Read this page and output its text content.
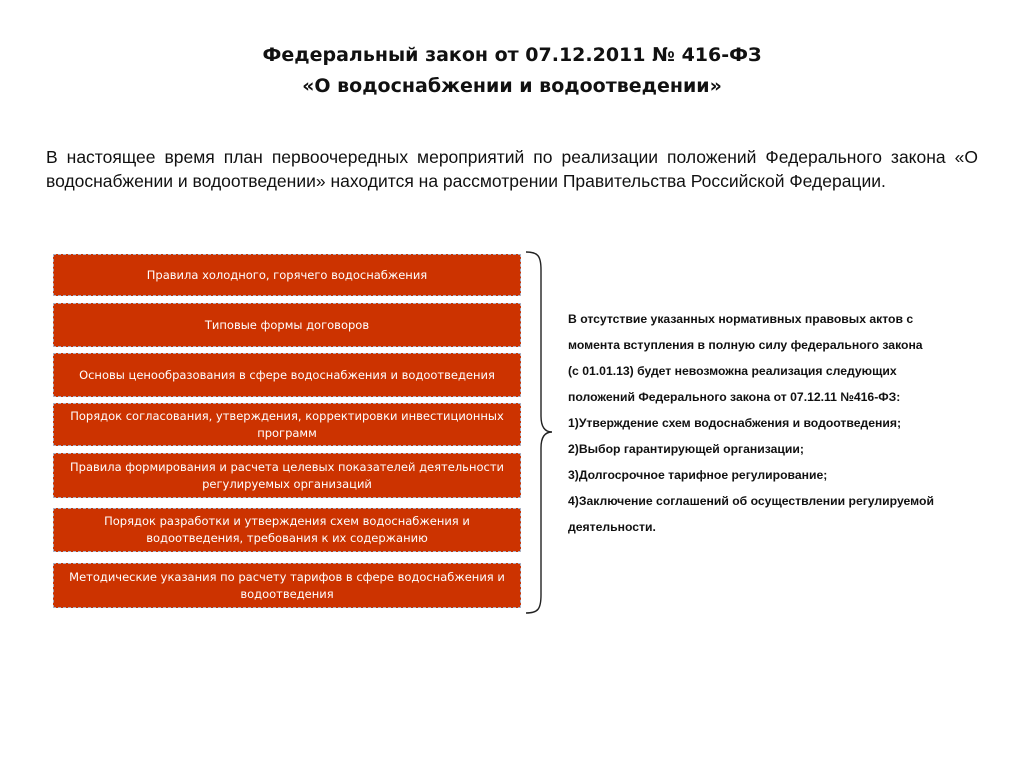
Федеральный закон от 07.12.2011 № 416-ФЗ
«О водоснабжении и водоотведении»
В настоящее время план первоочередных мероприятий по реализации положений Федерального закона «О водоснабжении и водоотведении» находится на рассмотрении Правительства Российской Федерации.
Правила холодного, горячего водоснабжения
Типовые формы договоров
Основы ценообразования в сфере водоснабжения и водоотведения
Порядок согласования, утверждения, корректировки инвестиционных программ
Правила формирования и расчета целевых показателей деятельности регулируемых организаций
Порядок разработки и утверждения схем водоснабжения и водоотведения, требования к их содержанию
Методические указания по расчету тарифов в сфере водоснабжения и водоотведения
В отсутствие указанных нормативных правовых актов с
момента вступления в полную силу федерального закона
(с 01.01.13) будет невозможна реализация следующих
положений Федерального закона от 07.12.11 №416-ФЗ:
1)Утверждение схем водоснабжения и водоотведения;
2)Выбор гарантирующей организации;
3)Долгосрочное тарифное регулирование;
4)Заключение соглашений об осуществлении регулируемой
деятельности.
